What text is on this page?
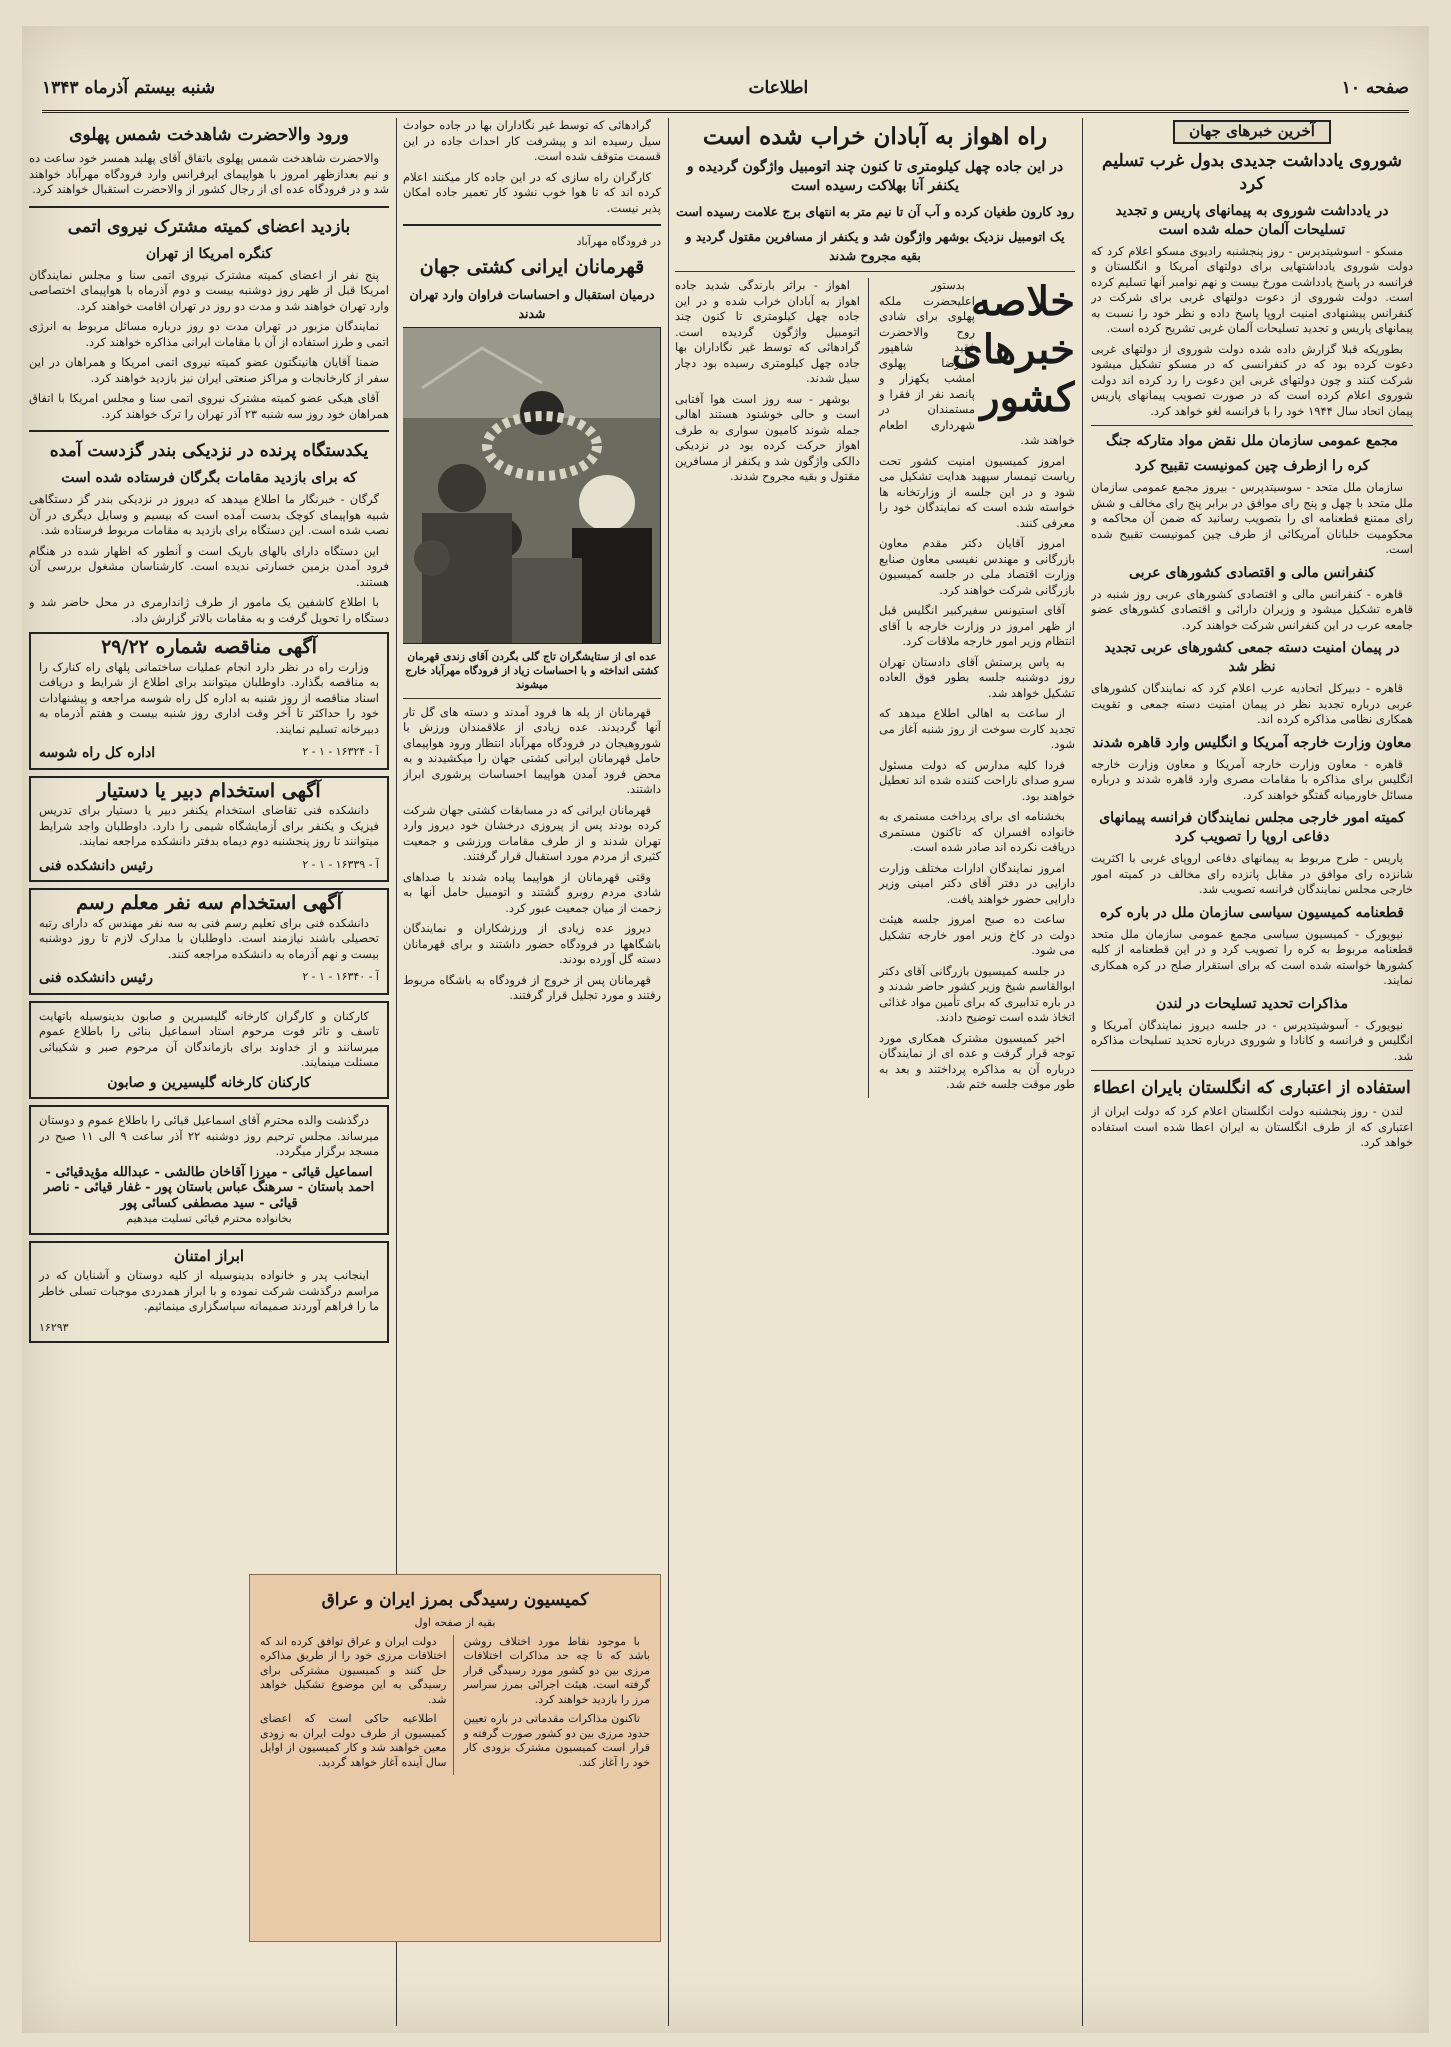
صفحه ۱۰
اطلاعات
شنبه بیستم آذرماه ۱۳۴۳
آخرین خبرهای جهان
شوروی یادداشت جدیدی بدول غرب تسلیم کرد
در یادداشت شوروی به پیمانهای پاریس و تجدید تسلیحات آلمان حمله شده است

مسکو - اسوشیتدپرس - روز پنجشنبه رادیوی مسکو اعلام کرد که دولت شوروی یادداشتهایی برای دولتهای آمریکا و انگلستان و فرانسه در پاسخ یادداشت مورخ بیست و نهم نوامبر آنها تسلیم کرده است. دولت شوروی از دعوت دولتهای غربی برای شرکت در کنفرانس پیشنهادی امنیت اروپا پاسخ داده و نظر خود را نسبت به پیمانهای پاریس و تجدید تسلیحات آلمان غربی تشریح کرده است.

بطوریکه قبلا گزارش داده شده دولت شوروی از دولتهای غربی دعوت کرده بود که در کنفرانسی که در مسکو تشکیل میشود شرکت کنند و چون دولتهای غربی این دعوت را رد کرده اند دولت شوروی اعلام کرده است که در صورت تصویب پیمانهای پاریس پیمان اتحاد سال ۱۹۴۴ خود را با فرانسه لغو خواهد کرد.

مجمع عمومی سازمان ملل نقض مواد متارکه جنگ
کره را ازطرف چین کمونیست تقبیح کرد

سازمان ملل متحد - سوسیتدپرس - بیروز مجمع عمومی سازمان ملل متحد با چهل و پنج رای موافق در برابر پنج رای مخالف و شش رای ممتنع قطعنامه ای را بتصویب رسانید که ضمن آن محاکمه و محکومیت خلبانان آمریکائی از طرف چین کمونیست تقبیح شده است.

کنفرانس مالی و اقتصادی کشورهای عربی

قاهره - کنفرانس مالی و اقتصادی کشورهای عربی روز شنبه در قاهره تشکیل میشود و وزیران دارائی و اقتصادی کشورهای عضو جامعه عرب در این کنفرانس شرکت خواهند کرد.

در پیمان امنیت دسته جمعی کشورهای عربی تجدید نظر شد

قاهره - دبیرکل اتحادیه عرب اعلام کرد که نمایندگان کشورهای عربی درباره تجدید نظر در پیمان امنیت دسته جمعی و تقویت همکاری نظامی مذاکره کرده اند.

معاون وزارت خارجه آمریکا و انگلیس وارد قاهره شدند

قاهره - معاون وزارت خارجه آمریکا و معاون وزارت خارجه انگلیس برای مذاکره با مقامات مصری وارد قاهره شدند و درباره مسائل خاورمیانه گفتگو خواهند کرد.

کمیته امور خارجی مجلس نمایندگان فرانسه پیمانهای دفاعی اروپا را تصویب کرد

پاریس - طرح مربوط به پیمانهای دفاعی اروپای غربی با اکثریت شانزده رای موافق در مقابل پانزده رای مخالف در کمیته امور خارجی مجلس نمایندگان فرانسه تصویب شد.

قطعنامه کمیسیون سیاسی سازمان ملل در باره کره

نیویورک - کمیسیون سیاسی مجمع عمومی سازمان ملل متحد قطعنامه مربوط به کره را تصویب کرد و در این قطعنامه از کلیه کشورها خواسته شده است که برای استقرار صلح در کره همکاری نمایند.

مذاکرات تحدید تسلیحات در لندن

نیویورک - آسوشیتدپرس - در جلسه دیروز نمایندگان آمریکا و انگلیس و فرانسه و کانادا و شوروی درباره تحدید تسلیحات مذاکره شد.

استفاده از اعتباری که انگلستان بایران اعطاء

لندن - روز پنجشنبه دولت انگلستان اعلام کرد که دولت ایران از اعتباری که از طرف انگلستان به ایران اعطا شده است استفاده خواهد کرد.

راه اهواز به آبادان خراب شده است
در این جاده چهل کیلومتری تا کنون چند اتومبیل واژگون گردیده و یکنفر آنا بهلاکت رسیده است
رود کارون طغیان کرده و آب آن تا نیم متر به انتهای برج علامت رسیده است
یک اتومبیل نزدیک بوشهر واژگون شد و یکنفر از مسافرین مقتول گردید و بقیه مجروح شدند
خلاصه خبرهای کشور

بدستور اعلیحضرت ملکه پهلوی برای شادی روح والاحضرت فقید شاهپور علیرضا پهلوی امشب یکهزار و پانصد نفر از فقرا و مستمندان در شهرداری اطعام خواهند شد.

امروز کمیسیون امنیت کشور تحت ریاست تیمسار سپهبد هدایت تشکیل می شود و در این جلسه از وزارتخانه ها خواسته شده است که نمایندگان خود را معرفی کنند.

امروز آقایان دکتر مقدم معاون بازرگانی و مهندس نفیسی معاون صنایع وزارت اقتصاد ملی در جلسه کمیسیون بازرگانی شرکت خواهند کرد.

آقای استیونس سفیرکبیر انگلیس قبل از ظهر امروز در وزارت خارجه با آقای انتظام وزیر امور خارجه ملاقات کرد.

به پاس پرستش آقای دادستان تهران روز دوشنبه جلسه بطور فوق العاده تشکیل خواهد شد.

از ساعت به اهالی اطلاع میدهد که تجدید کارت سوخت از روز شنبه آغاز می شود.

فردا کلیه مدارس که دولت مسئول سرو صدای ناراحت کننده شده اند تعطیل خواهند بود.

بخشنامه ای برای پرداخت مستمری به خانواده افسران که تاکنون مستمری دریافت نکرده اند صادر شده است.

امروز نمایندگان ادارات مختلف وزارت دارایی در دفتر آقای دکتر امینی وزیر دارایی حضور خواهند یافت.

ساعت ده صبح امروز جلسه هیئت دولت در کاخ وزیر امور خارجه تشکیل می شود.

در جلسه کمیسیون بازرگانی آقای دکتر ابوالقاسم شیخ وزیر کشور حاضر شدند و در باره تدابیری که برای تأمین مواد غذائی اتخاذ شده است توضیح دادند.

اخیر کمیسیون مشترک همکاری مورد توجه قرار گرفت و عده ای از نمایندگان درباره آن به مذاکره پرداختند و بعد به طور موقت جلسه ختم شد.

اهواز - براثر بارندگی شدید جاده اهواز به آبادان خراب شده و در این جاده چهل کیلومتری تا کنون چند اتومبیل واژگون گردیده است. گرادهائی که توسط غیر نگاداران بها جاده چهل کیلومتری رسیده بود دچار سیل شدند.

بوشهر - سه روز است هوا آفتابی است و حالی خوشنود هستند اهالی جمله شوند کامیون سواری به طرف اهواز حرکت کرده بود در نزدیکی دالکی واژگون شد و یکنفر از مسافرین مقتول و بقیه مجروح شدند.

گرادهائی که توسط غیر نگاداران بها در جاده حوادث سیل رسیده اند و پیشرفت کار احداث جاده در این قسمت متوقف شده است.

کارگران راه سازی که در این جاده کار میکنند اعلام کرده اند که تا هوا خوب نشود کار تعمیر جاده امکان پذیر نیست.

در فرودگاه مهرآباد
قهرمانان ایرانی کشتی جهان
درمیان استقبال و احساسات فراوان وارد تهران شدند
عده ای از ستایشگران تاج گلی بگردن آقای زندی قهرمان کشتی انداخته و با احساسات زیاد از فرودگاه مهرآباد خارج میشوند

قهرمانان از پله ها فرود آمدند و دسته های گل تار آنها گردیدند. عده زیادی از علاقمندان ورزش با شوروهیجان در فرودگاه مهرآباد انتظار ورود هواپیمای حامل قهرمانان ایرانی کشتی جهان را میکشیدند و به محض فرود آمدن هواپیما احساسات پرشوری ابراز داشتند.

قهرمانان ایرانی که در مسابقات کشتی جهان شرکت کرده بودند پس از پیروزی درخشان خود دیروز وارد تهران شدند و از طرف مقامات ورزشی و جمعیت کثیری از مردم مورد استقبال قرار گرفتند.

وقتی قهرمانان از هواپیما پیاده شدند با صداهای شادی مردم روبرو گشتند و اتومبیل حامل آنها به زحمت از میان جمعیت عبور کرد.

دیروز عده زیادی از ورزشکاران و نمایندگان باشگاهها در فرودگاه حضور داشتند و برای قهرمانان دسته گل آورده بودند.

قهرمانان پس از خروج از فرودگاه به باشگاه مربوط رفتند و مورد تجلیل قرار گرفتند.

کمیسیون رسیدگی بمرز ایران و عراق
بقیه از صفحه اول

با موجود نقاط مورد اختلاف روشن باشد که تا چه حد مذاکرات اختلافات مرزی بین دو کشور مورد رسیدگی قرار گرفته است. هیئت اجرائی بمرز سراسر مرز را بازدید خواهند کرد.

تاکنون مذاکرات مقدماتی در باره تعیین حدود مرزی بین دو کشور صورت گرفته و قرار است کمیسیون مشترک بزودی کار خود را آغاز کند.

دولت ایران و عراق توافق کرده اند که اختلافات مرزی خود را از طریق مذاکره حل کنند و کمیسیون مشترکی برای رسیدگی به این موضوع تشکیل خواهد شد.

اطلاعیه حاکی است که اعضای کمیسیون از طرف دولت ایران به زودی معین خواهند شد و کار کمیسیون از اوایل سال آینده آغاز خواهد گردید.

ورود والاحضرت شاهدخت شمس پهلوی

والاحضرت شاهدخت شمس پهلوی باتفاق آقای پهلبد همسر خود ساعت ده و نیم بعدازظهر امروز با هواپیمای ایرفرانس وارد فرودگاه مهرآباد خواهند شد و در فرودگاه عده ای از رجال کشور از والاحضرت استقبال خواهند کرد.

بازدید اعضای کمیته مشترک نیروی اتمی
کنگره امریکا از تهران

پنج نفر از اعضای کمیته مشترک نیروی اتمی سنا و مجلس نمایندگان امریکا قبل از ظهر روز دوشنبه بیست و دوم آذرماه با هواپیمای اختصاصی وارد تهران خواهند شد و مدت دو روز در تهران اقامت خواهند کرد.

نمایندگان مزبور در تهران مدت دو روز درباره مسائل مربوط به انرژی اتمی و طرز استفاده از آن با مقامات ایرانی مذاکره خواهند کرد.

ضمنا آقایان هانینگتون عضو کمیته نیروی اتمی امریکا و همراهان در این سفر از کارخانجات و مراکز صنعتی ایران نیز بازدید خواهند کرد.

آقای هیکی عضو کمیته مشترک نیروی اتمی سنا و مجلس امریکا با اتفاق همراهان خود روز سه شنبه ۲۳ آذر تهران را ترک خواهند کرد.

یکدستگاه پرنده در نزدیکی بندر گزدست آمده
که برای بازدید مقامات بگرگان فرستاده شده است

گرگان - خبرنگار ما اطلاع میدهد که دیروز در نزدیکی بندر گز دستگاهی شبیه هواپیمای کوچک بدست آمده است که بیسیم و وسایل دیگری در آن نصب شده است. این دستگاه برای بازدید به مقامات مربوط فرستاده شد.

این دستگاه دارای بالهای باریک است و آنطور که اظهار شده در هنگام فرود آمدن بزمین خسارتی ندیده است. کارشناسان مشغول بررسی آن هستند.

با اطلاع کاشفین یک مامور از طرف ژاندارمری در محل حاضر شد و دستگاه را تحویل گرفت و به مقامات بالاتر گزارش داد.

آگهی مناقصه شماره ۲۹/۲۲

وزارت راه در نظر دارد انجام عملیات ساختمانی پلهای راه کنارک را به مناقصه بگذارد. داوطلبان میتوانند برای اطلاع از شرایط و دریافت اسناد مناقصه از روز شنبه به اداره کل راه شوسه مراجعه و پیشنهادات خود را حداکثر تا آخر وقت اداری روز شنبه بیست و هفتم آذرماه به دبیرخانه تسلیم نمایند.

آ - ۱۶۳۲۴ - ۱ - ۲
اداره کل راه شوسه
آگهی استخدام دبیر یا دستیار

دانشکده فنی تقاضای استخدام یکنفر دبیر یا دستیار برای تدریس فیزیک و یکنفر برای آزمایشگاه شیمی را دارد. داوطلبان واجد شرایط میتوانند تا روز پنجشنبه دوم دیماه بدفتر دانشکده مراجعه نمایند.

آ - ۱۶۳۳۹ - ۱ - ۲
رئیس دانشکده فنی
آگهی استخدام سه نفر معلم رسم

دانشکده فنی برای تعلیم رسم فنی به سه نفر مهندس که دارای رتبه تحصیلی باشند نیازمند است. داوطلبان با مدارک لازم تا روز دوشنبه بیست و نهم آذرماه به دانشکده مراجعه کنند.

آ - ۱۶۳۴۰ - ۱ - ۲
رئیس دانشکده فنی

کارکنان و کارگران کارخانه گلیسیرین و صابون بدینوسیله باتهایت تاسف و تاثر فوت مرحوم استاد اسماعیل بنائی را باطلاع عموم میرسانند و از خداوند برای بازماندگان آن مرحوم صبر و شکیبائی مسئلت مینمایند.

کارکنان کارخانه گلیسیرین و صابون

درگذشت والده محترم آقای اسماعیل قیائی را باطلاع عموم و دوستان میرساند. مجلس ترحیم روز دوشنبه ۲۲ آذر ساعت ۹ الی ۱۱ صبح در مسجد برگزار میگردد.

اسماعیل قیائی - میرزا آقاخان طالشی - عبدالله مؤیدقیائی - احمد باستان - سرهنگ عباس باستان پور - غفار قیائی - ناصر قیائی - سید مصطفی کسائی پور
بخانواده محترم قیائی تسلیت میدهیم
ابراز امتنان

اینجانب پدر و خانواده بدینوسیله از کلیه دوستان و آشنایان که در مراسم درگذشت شرکت نموده و با ابراز همدردی موجبات تسلی خاطر ما را فراهم آوردند صمیمانه سپاسگزاری مینمائیم.

۱۶۲۹۳
